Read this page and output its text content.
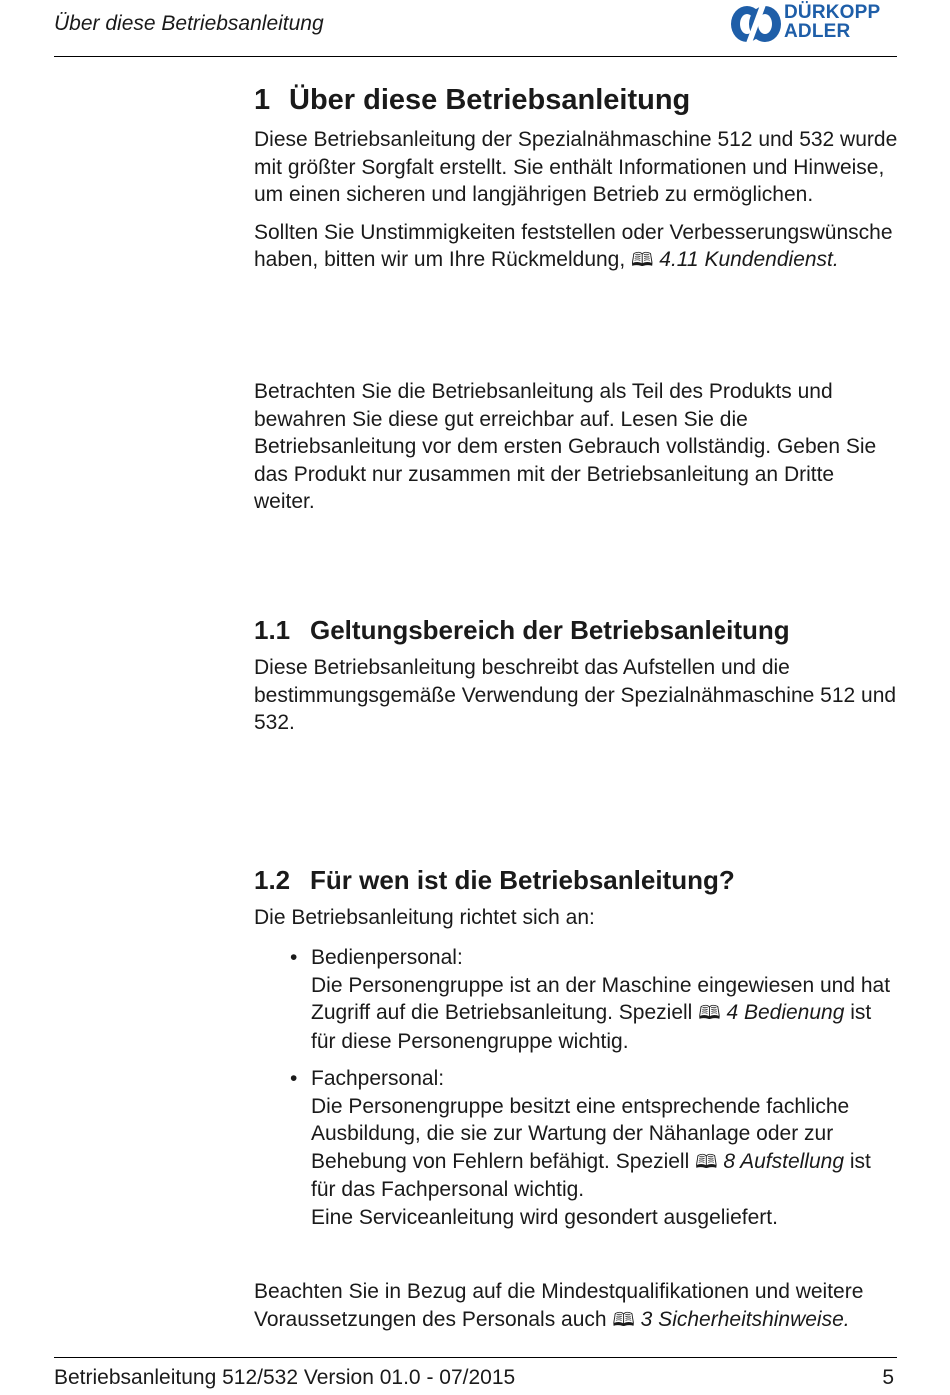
Über diese Betriebsanleitung	DÜRKOPP
ADLER
1 Über diese Betriebsanleitung

Diese Betriebsanleitung der Spezialnähmaschine 512 und 532 wurde mit größter Sorgfalt erstellt. Sie enthält Informationen und Hinweise, um einen sicheren und langjährigen Betrieb zu ermöglichen.

Sollten Sie Unstimmigkeiten feststellen oder Verbesserungswünsche haben, bitten wir um Ihre Rückmeldung, 🕮 4.11 Kundendienst.

Betrachten Sie die Betriebsanleitung als Teil des Produkts und bewahren Sie diese gut erreichbar auf. Lesen Sie die Betriebsanleitung vor dem ersten Gebrauch vollständig. Geben Sie das Produkt nur zusammen mit der Betriebsanleitung an Dritte weiter.

1.1 Geltungsbereich der Betriebsanleitung

Diese Betriebsanleitung beschreibt das Aufstellen und die bestimmungsgemäße Verwendung der Spezialnähmaschine 512 und 532.

1.2 Für wen ist die Betriebsanleitung?

Die Betriebsanleitung richtet sich an:

• Bedienpersonal:
Die Personengruppe ist an der Maschine eingewiesen und hat Zugriff auf die Betriebsanleitung. Speziell 🕮 4 Bedienung ist für diese Personengruppe wichtig.
• Fachpersonal:
Die Personengruppe besitzt eine entsprechende fachliche Ausbildung, die sie zur Wartung der Nähanlage oder zur Behebung von Fehlern befähigt. Speziell 🕮 8 Aufstellung ist für das Fachpersonal wichtig.
Eine Serviceanleitung wird gesondert ausgeliefert.

Beachten Sie in Bezug auf die Mindestqualifikationen und weitere Voraussetzungen des Personals auch 🕮 3 Sicherheitshinweise.

Betriebsanleitung 512/532 Version 01.0 - 07/2015	5
